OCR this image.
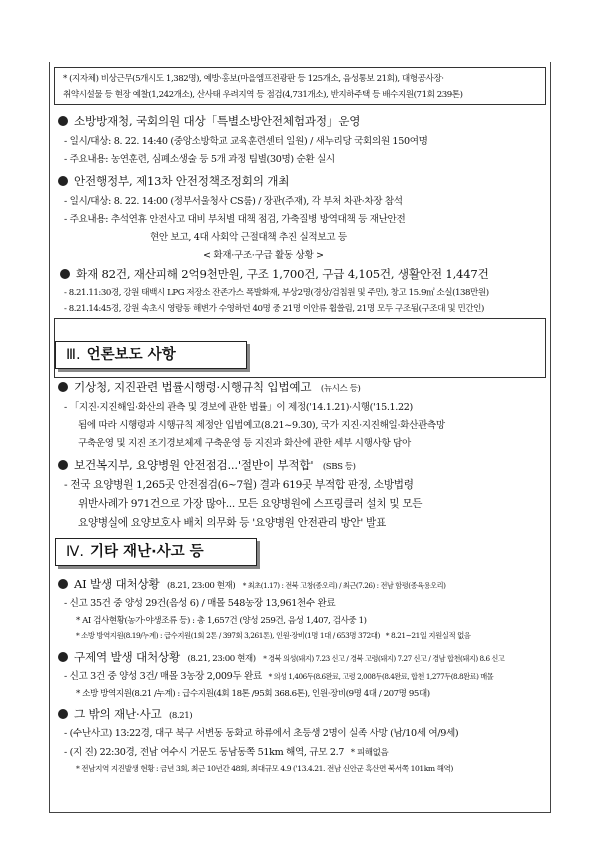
* (지자체) 비상근무(5개시도 1,382명), 예방·홍보(마을엠프전광판 등 125개소, 음성통보 21회), 대형공사장·
취약시설물 등 현장 예찰(1,242개소), 산사태 우려지역 등 점검(4,731개소), 반지하주택 등 배수지원(71회 239톤)
소방방재청, 국회의원 대상「특별소방안전체험과정」운영
- 일시/대상: 8. 22. 14:40 (중앙소방학교 교육훈련센터 일원) / 새누리당 국회의원 150여명
- 주요내용: 농연훈련, 심폐소생술 등 5개 과정 팀별(30명) 순환 실시
안전행정부, 제13차 안전정책조정회의 개최
- 일시/대상: 8. 22. 14:00 (정부서울청사 CS룸) / 장관(주재), 각 부처 차관·차장 참석
- 주요내용: 추석연휴 안전사고 대비 부처별 대책 점검, 가축질병 방역대책 등 재난안전
현안 보고, 4대 사회악 근절대책 추진 실적보고 등
< 화재·구조·구급 활동 상황 >
화재 82건, 재산피해 2억9천만원, 구조 1,700건, 구급 4,105건, 생활안전 1,447건
- 8.21.11:30경, 강원 태백시 LPG 저장소 잔존가스 폭발화재, 부상2명(경상/검침원 및 주민), 창고 15.9㎡ 소실(138만원)
- 8.21.14:45경, 강원 속초시 영랑동 해변가 수영하던 40명 중 21명 이안류 휩쓸림, 21명 모두 구조됨(구조대 및 민간인)
Ⅲ. 언론보도 사항
기상청, 지진관련 법률시행령·시행규칙 입법예고 (뉴시스 등)
- 「지진·지진해일·화산의 관측 및 경보에 관한 법률」이 제정('14.1.21)·시행('15.1.22)
됨에 따라 시행령과 시행규칙 제정안 입법예고(8.21~9.30), 국가 지진·지진해일·화산관측망
구축운영 및 지진 조기경보체제 구축운영 등 지진과 화산에 관한 세부 시행사항 담아
보건복지부, 요양병원 안전점검...'절반이 부적합' (SBS 등)
- 전국 요양병원 1,265곳 안전점검(6~7월) 결과 619곳 부적합 판정, 소방법령
위반사례가 971건으로 가장 많아... 모든 요양병원에 스프링클러 설치 및 모든
요양병실에 요양보호사 배치 의무화 등 '요양병원 안전관리 방안' 발표
Ⅳ. 기타 재난·사고 등
AI 발생 대처상황 (8.21, 23:00 현재) * 최초(1.17) : 전북 고창(종오리) / 최근(7.26) : 전남 함평(종육용오리)
- 신고 35건 중 양성 29건(음성 6) / 매몰 548농장 13,961천수 완료
* AI 검사현황(농가·야생조류 등) : 총 1,657건 (양성 259건, 음성 1,407, 검사중 1)
* 소방 방역지원(8.19/누계) : 급수지원(1회 2톤 / 397회 3,261톤), 인원·장비(1명 1대 / 653명 372대) * 8.21~21일 지원실적 없음
구제역 발생 대처상황 (8.21, 23:00 현재) * 경북 의성(돼지) 7.23 신고 / 경북 고령(돼지) 7.27 신고 / 경남 합천(돼지) 8.6 신고
- 신고 3건 중 양성 3건/ 매몰 3농장 2,009두 완료 * 의성 1,406두(8.6완료, 고령 2,008두(8.4완료, 합천 1,277두(8.8완료) 매몰
* 소방 방역지원(8.21 /누계) : 급수지원(4회 18톤 /95회 368.6톤), 인원·장비(9명 4대 / 207명 95대)
그 밖의 재난·사고 (8.21)
- (수난사고) 13:22경, 대구 북구 서변동 동화교 하류에서 초등생 2명이 실족 사망 (남/10세 여/9세)
- (지 진) 22:30경, 전남 여수시 거문도 동남동쪽 51km 해역, 규모 2.7 * 피해없음
* 전남지역 지진발생 현황 : 금년 3회, 최근 10년간 48회, 최대규모 4.9 ('13.4.21. 전남 신안군 흑산면 북서쪽 101km 해역)
